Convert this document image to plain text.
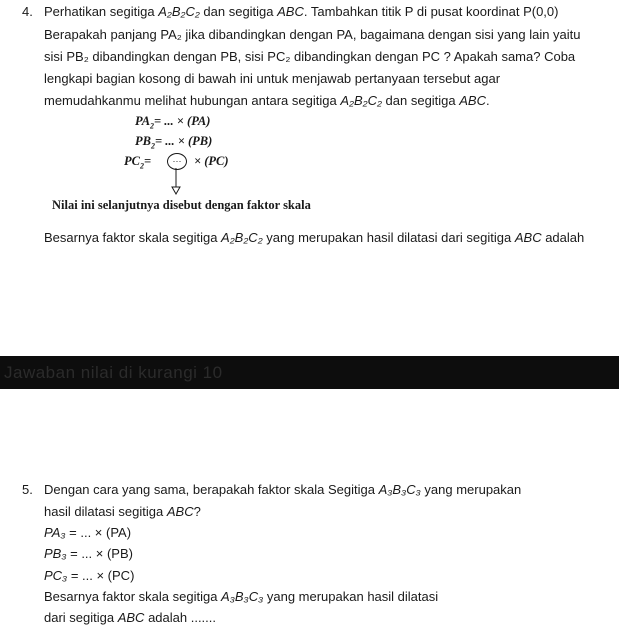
4. Perhatikan segitiga A₂B₂C₂ dan segitiga ABC. Tambahkan titik P di pusat koordinat P(0,0)
Berapakah panjang PA₂ jika dibandingkan dengan PA, bagaimana dengan sisi yang lain yaitu
sisi PB₂ dibandingkan dengan PB, sisi PC₂ dibandingkan dengan PC ? Apakah sama? Coba
lengkapi bagian kosong di bawah ini untuk menjawab pertanyaan tersebut agar
memudahkanmu melihat hubungan antara segitiga A₂B₂C₂ dan segitiga ABC.
$PA_2=$ ... × (PA)
$PB_2=$ ... × (PB)
$PC_2=$	···	× (PC)
Nilai ini selanjutnya disebut dengan faktor skala
Besarnya faktor skala segitiga A₂B₂C₂ yang merupakan hasil dilatasi dari segitiga ABC adalah
Jawaban nilai di kurangi 10
5. Dengan cara yang sama, berapakah faktor skala Segitiga A₃B₃C₃ yang merupakan
hasil dilatasi segitiga ABC?
PA₃ = ... × (PA)
PB₃ = ... × (PB)
PC₃ = ... × (PC)
Besarnya faktor skala segitiga A₃B₃C₃ yang merupakan hasil dilatasi
dari segitiga ABC adalah .......
